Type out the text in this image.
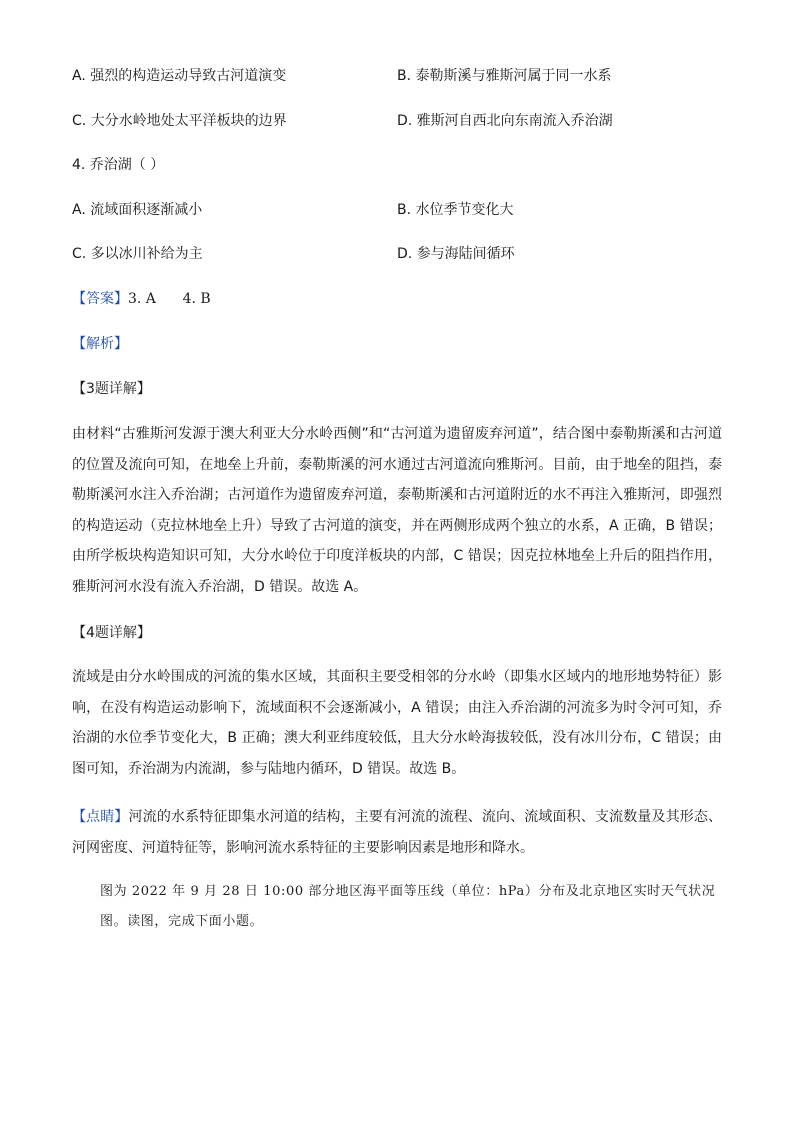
A. 强烈的构造运动导致古河道演变	B. 泰勒斯溪与雅斯河属于同一水系
C. 大分水岭地处太平洋板块的边界	D. 雅斯河自西北向东南流入乔治湖
4. 乔治湖（ ）
A. 流域面积逐渐减小	B. 水位季节变化大
C. 多以冰川补给为主	D. 参与海陆间循环
【答案】3. A      4. B
【解析】
【3题详解】
由材料“古雅斯河发源于澳大利亚大分水岭西侧”和“古河道为遗留废弃河道”，结合图中泰勒斯溪和古河道的位置及流向可知，在地垒上升前，泰勒斯溪的河水通过古河道流向雅斯河。目前，由于地垒的阻挡，泰勒斯溪河水注入乔治湖；古河道作为遗留废弃河道，泰勒斯溪和古河道附近的水不再注入雅斯河，即强烈的构造运动（克拉林地垒上升）导致了古河道的演变，并在两侧形成两个独立的水系，A 正确，B 错误；由所学板块构造知识可知，大分水岭位于印度洋板块的内部，C 错误；因克拉林地垒上升后的阻挡作用，雅斯河河水没有流入乔治湖，D 错误。故选 A。
【4题详解】
流域是由分水岭围成的河流的集水区域，其面积主要受相邻的分水岭（即集水区域内的地形地势特征）影响，在没有构造运动影响下，流域面积不会逐渐减小，A 错误；由注入乔治湖的河流多为时令河可知，乔治湖的水位季节变化大，B 正确；澳大利亚纬度较低，且大分水岭海拔较低，没有冰川分布，C 错误；由图可知，乔治湖为内流湖，参与陆地内循环，D 错误。故选 B。
【点睛】河流的水系特征即集水河道的结构，主要有河流的流程、流向、流域面积、支流数量及其形态、河网密度、河道特征等，影响河流水系特征的主要影响因素是地形和降水。
图为 2022 年 9 月 28 日 10:00 部分地区海平面等压线（单位：hPa）分布及北京地区实时天气状况图。读图，完成下面小题。
